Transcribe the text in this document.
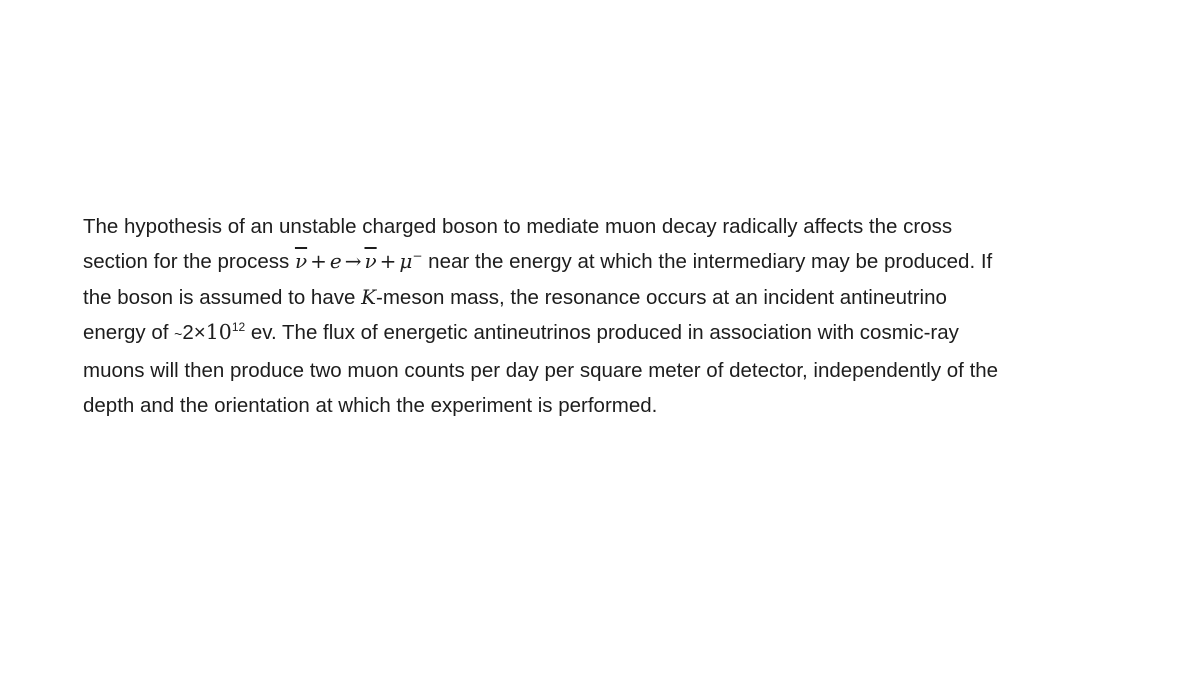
The hypothesis of an unstable charged boson to mediate muon decay radically affects the cross
section for the process $\overline{\nu} + e \to \overline{\nu} + \mu^-$ near the energy at which the intermediary may be produced. If
the boson is assumed to have K-meson mass, the resonance occurs at an incident antineutrino
energy of $\sim 2\times 10^{12}$ ev. The flux of energetic antineutrinos produced in association with cosmic-ray
muons will then produce two muon counts per day per square meter of detector, independently of the
depth and the orientation at which the experiment is performed.
